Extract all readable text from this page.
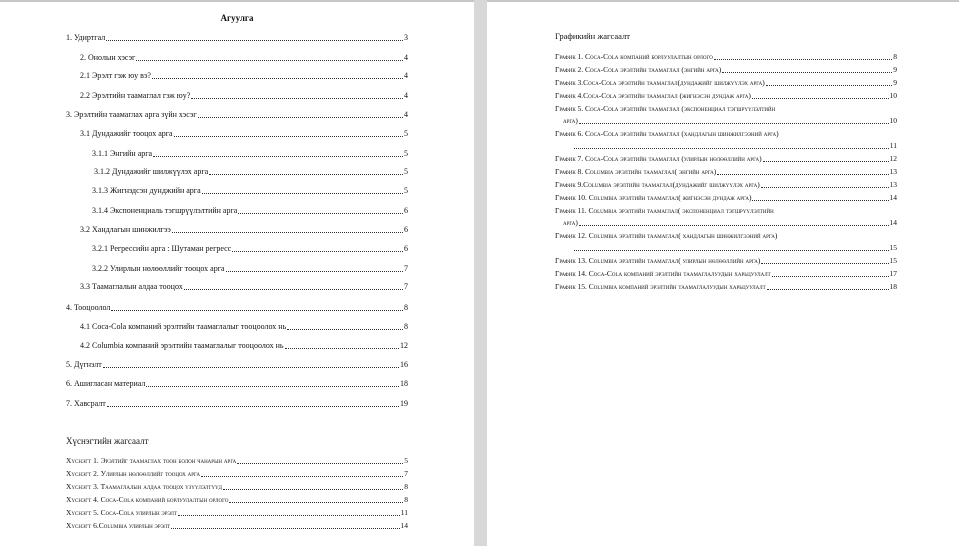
Агуулга
Хүснэгтийн жагсаалт
1. Удиртгал	3
2. Онолын хэсэг	4
2.1 Эрэлт гэж юу вэ?	4
2.2 Эрэлтийн таамаглал гэж юу?	4
3. Эрэлтийн таамаглах арга зүйн хэсэг	4
3.1 Дундажийг тооцох арга	5
3.1.1 Энгийн арга	5
3.1.2 Дундажийг шилжүүлэх арга	5
3.1.3 Жигнэдсэн дунджийн арга	5
3.1.4 Экспоненциаль тэгшрүүлэлтийн арга	6
3.2 Хандлагын шинжилгээ	6
3.2.1 Регрессийн арга : Шутаман регресс	6
3.2.2 Улирлын нөлөөллийг тооцох арга	7
3.3 Таамаглалын алдаа тооцох	7
4. Тооцоолол	8
4.1 Coca-Cola компаний эрэлтийн таамаглалыг тооцоолох нь	8
4.2 Columbia компаний эрэлтийн таамаглалыг тооцоолох нь	12
5. Дүгнэлт	16
6. Ашигласан материал	18
7. Хавсралт	19
Хүснэгт 1. Эрэлтийг таамаглах тоон болон чанарын арга	5
Хүснэгт 2. Улирлын нөлөөллийг тооцох арга	7
Хүснэгт 3. Таамаглалын алдаа тооцох үзүүлэлтүүд	8
Хүснэгт 4. Coca-Cola компаний борлуулалтын орлого	8
Хүснэгт 5. Coca-Cola улирлын эрэлт	11
Хүснэгт 6.Columbia улирлын эрэлт	14
Графикийн жагсаалт
График 1. Coca-Cola компаний борлуулалтын орлого	8
График 2. Coca-Cola эрэлтийн таамаглал (энгийн арга)	9
График 3.Coca-Cola эрэлтийн таамаглал(дундажийг шилжүүлэх арга)	9
График 4.Coca-Cola эрэлтийн таамаглал (жигнэсэн дундаж арга)	10
График 5. Coca-Cola эрэлтийн таамаглал (экспоненциал тэгшрүүлэлтийн
арга)	10
График 6. Coca-Cola эрэлтийн таамаглал (хандлагын шинжилгээний арга)
11
График 7. Coca-Cola эрэлтийн таамаглал (улирлын нөлөөллийн арга)	12
График 8. Columbia эрэлтийн таамаглал( энгийн арга)	13
График 9.Columbia эрэлтийн таамаглал(дундажийг шилжүүлэх арга)	13
График 10. Columbia эрэлтийн таамаглал( жигнэсэн дундаж арга)	14
График 11. Columbia эрэлтийн таамаглал( экспоненциал тэгшрүүлэлтийн
арга)	14
График 12. Columbia эрэлтийн таамаглал( хандлагын шинжилгээний арга)
15
График 13. Columbia эрэлтийн таамаглал( улирлын нөлөөллийн арга)	15
График 14. Coca-Cola компаний эрэлтийн таамаглалуудын харьцуулалт	17
График 15. Columbia компаний эрэлтийн таамаглалуудын харьцуулалт	18
